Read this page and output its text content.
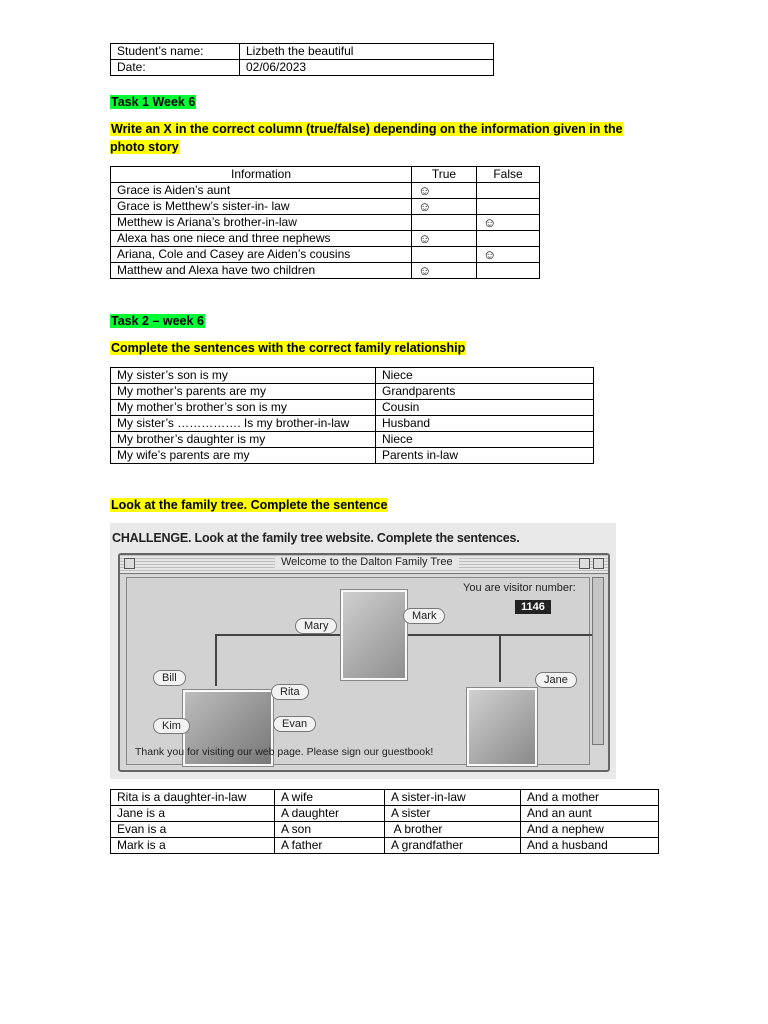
Student’s name:	Lizbeth the beautiful
Date:	02/06/2023
Task 1 Week 6
Write an X in the correct column (true/false) depending on the information given in the photo story
Information	True	False
Grace is Aiden’s aunt	☺	
Grace is Metthew’s sister-in- law	☺	
Metthew is Ariana’s brother-in-law		☺
Alexa has one niece and three nephews	☺	
Ariana, Cole and Casey are Aiden’s cousins		☺
Matthew and Alexa have two children	☺	
Task 2 – week 6
Complete the sentences with the correct family relationship
My sister’s son is my	Niece
My mother’s parents are my	Grandparents
My mother’s brother’s son is my	Cousin
My sister’s ……………. Is my brother-in-law	Husband
My brother’s daughter is my	Niece
My wife’s parents are my	Parents in-law
Look at the family tree. Complete the sentence
CHALLENGE. Look at the family tree website. Complete the sentences.
Welcome to the Dalton Family Tree
Mary
Mark
Bill
Rita
Kim	Evan
Jane
You are visitor number:
1146
Thank you for visiting our web page. Please sign our guestbook!
Rita is a daughter-in-law	A wife	A sister-in-law	And a mother
Jane is a	A daughter	A sister	And an aunt
Evan is a	A son	A brother	And a nephew
Mark is a	A father	A grandfather	And a husband
